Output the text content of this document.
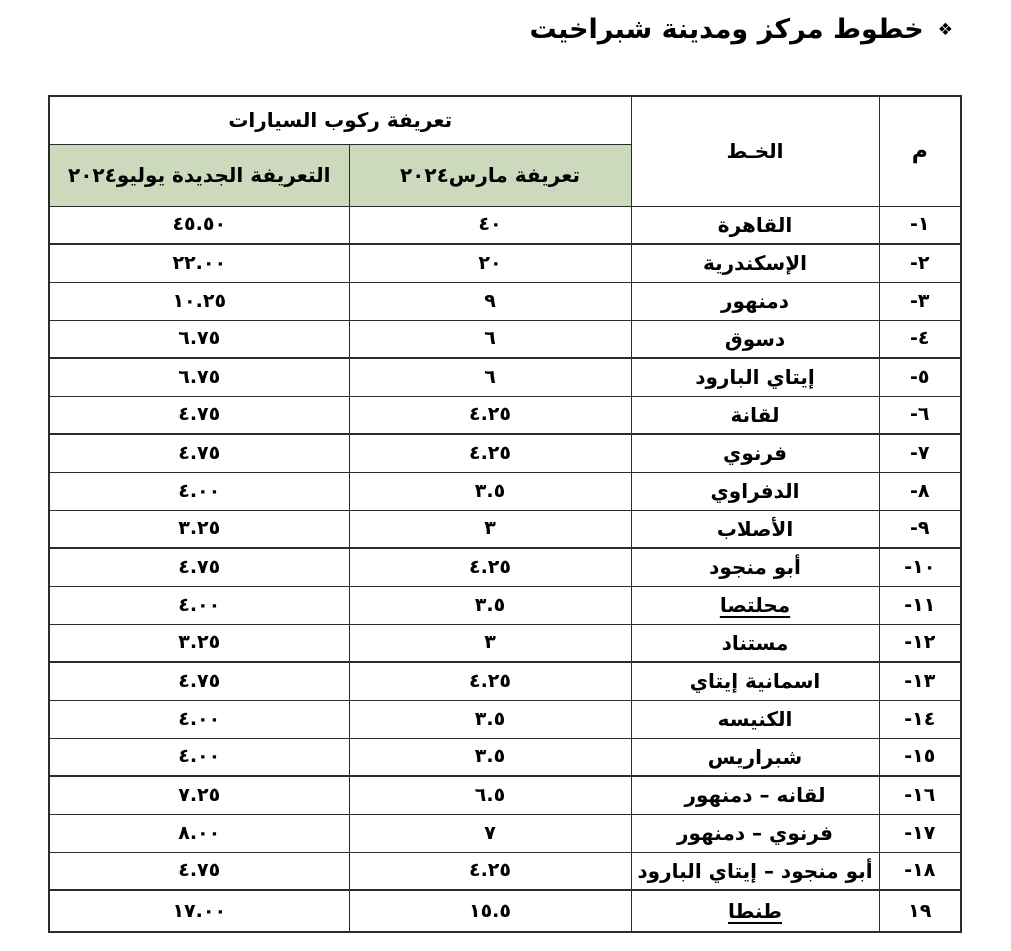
❖
خطوط مركز ومدينة شبراخيت
م	الخـط	تعريفة ركوب السيارات	
		تعريفة مارس٢٠٢٤	التعريفة الجديدة يوليو٢٠٢٤
١-	القاهرة	٤٠	٤٥.٥٠
٢-	الإسكندرية	٢٠	٢٢.٠٠
٣-	دمنهور	٩	١٠.٢٥
٤-	دسوق	٦	٦.٧٥
٥-	إيتاي البارود	٦	٦.٧٥
٦-	لقانة	٤.٢٥	٤.٧٥
٧-	فرنوي	٤.٢٥	٤.٧٥
٨-	الدفراوي	٣.٥	٤.٠٠
٩-	الأصلاب	٣	٣.٢٥
١٠-	أبو منجود	٤.٢٥	٤.٧٥
١١-	محلتصا	٣.٥	٤.٠٠
١٢-	مستناد	٣	٣.٢٥
١٣-	اسمانية إيتاي	٤.٢٥	٤.٧٥
١٤-	الكنيسه	٣.٥	٤.٠٠
١٥-	شبراريس	٣.٥	٤.٠٠
١٦-	لقانه – دمنهور	٦.٥	٧.٢٥
١٧-	فرنوي – دمنهور	٧	٨.٠٠
١٨-	أبو منجود – إيتاي البارود	٤.٢٥	٤.٧٥
١٩	طنطا	١٥.٥	١٧.٠٠
